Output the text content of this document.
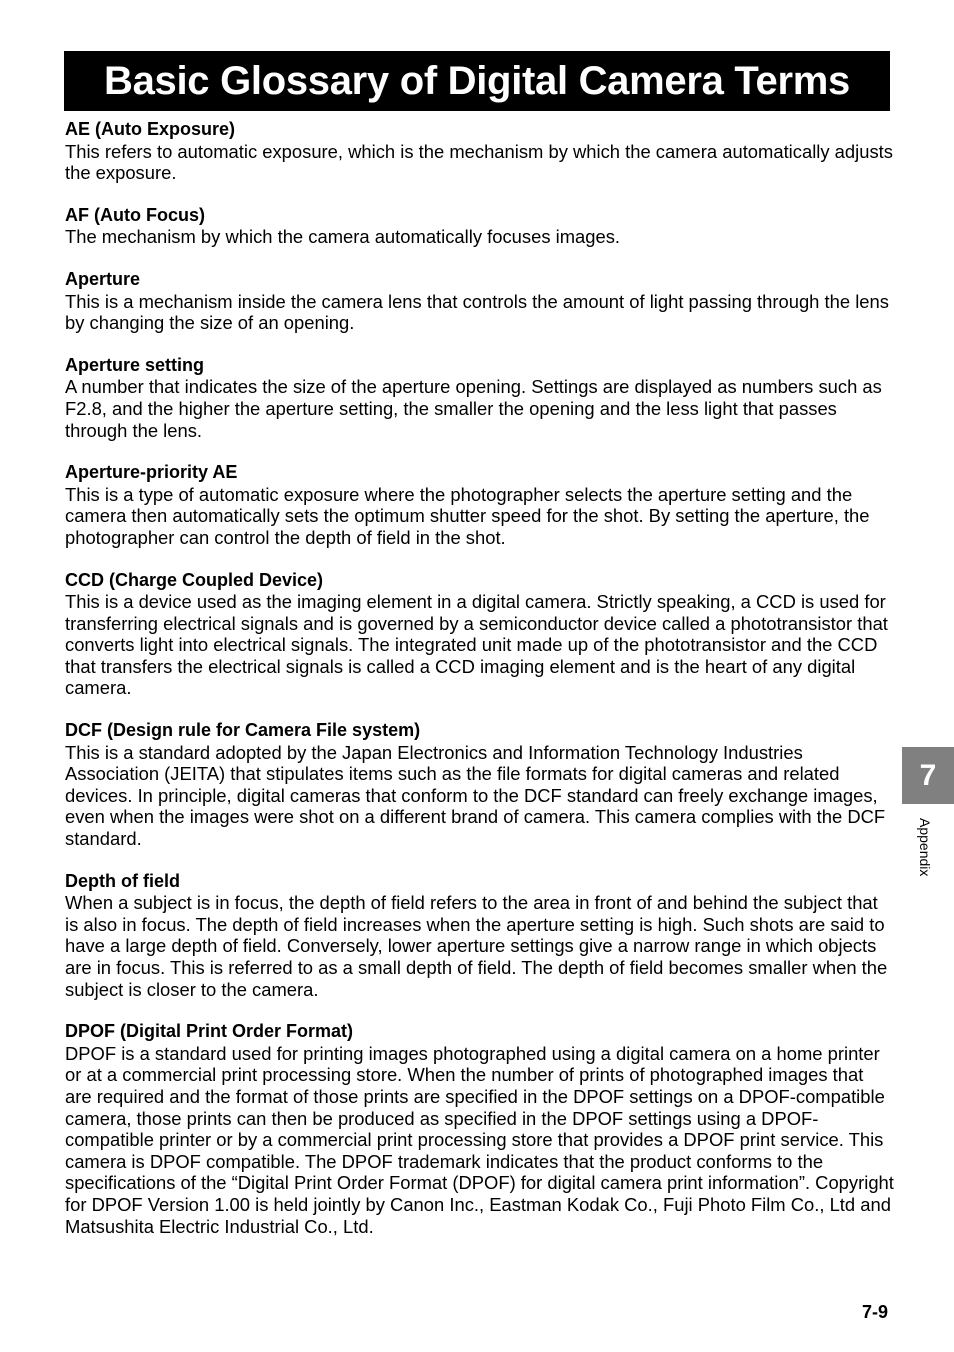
Basic Glossary of Digital Camera Terms
AE (Auto Exposure)
This refers to automatic exposure, which is the mechanism by which the camera automatically adjusts the exposure.
AF (Auto Focus)
The mechanism by which the camera automatically focuses images.
Aperture
This is a mechanism inside the camera lens that controls the amount of light passing through the lens by changing the size of an opening.
Aperture setting
A number that indicates the size of the aperture opening. Settings are displayed as numbers such as F2.8, and the higher the aperture setting, the smaller the opening and the less light that passes through the lens.
Aperture-priority AE
This is a type of automatic exposure where the photographer selects the aperture setting and the camera then automatically sets the optimum shutter speed for the shot. By setting the aperture, the photographer can control the depth of field in the shot.
CCD (Charge Coupled Device)
This is a device used as the imaging element in a digital camera. Strictly speaking, a CCD is used for transferring electrical signals and is governed by a semiconductor device called a phototransistor that converts light into electrical signals. The integrated unit made up of the phototransistor and the CCD that transfers the electrical signals is called a CCD imaging element and is the heart of any digital camera.
DCF (Design rule for Camera File system)
This is a standard adopted by the Japan Electronics and Information Technology Industries Association (JEITA) that stipulates items such as the file formats for digital cameras and related devices. In principle, digital cameras that conform to the DCF standard can freely exchange images, even when the images were shot on a different brand of camera. This camera complies with the DCF standard.
Depth of field
When a subject is in focus, the depth of field refers to the area in front of and behind the subject that is also in focus. The depth of field increases when the aperture setting is high. Such shots are said to have a large depth of field. Conversely, lower aperture settings give a narrow range in which objects are in focus. This is referred to as a small depth of field. The depth of field becomes smaller when the subject is closer to the camera.
DPOF (Digital Print Order Format)
DPOF is a standard used for printing images photographed using a digital camera on a home printer or at a commercial print processing store. When the number of prints of photographed images that are required and the format of those prints are specified in the DPOF settings on a DPOF-compatible camera, those prints can then be produced as specified in the DPOF settings using a DPOF-compatible printer or by a commercial print processing store that provides a DPOF print service. This camera is DPOF compatible. The DPOF trademark indicates that the product conforms to the specifications of the “Digital Print Order Format (DPOF) for digital camera print information”. Copyright for DPOF Version 1.00 is held jointly by Canon Inc., Eastman Kodak Co., Fuji Photo Film Co., Ltd and Matsushita Electric Industrial Co., Ltd.
7
Appendix
7-9
